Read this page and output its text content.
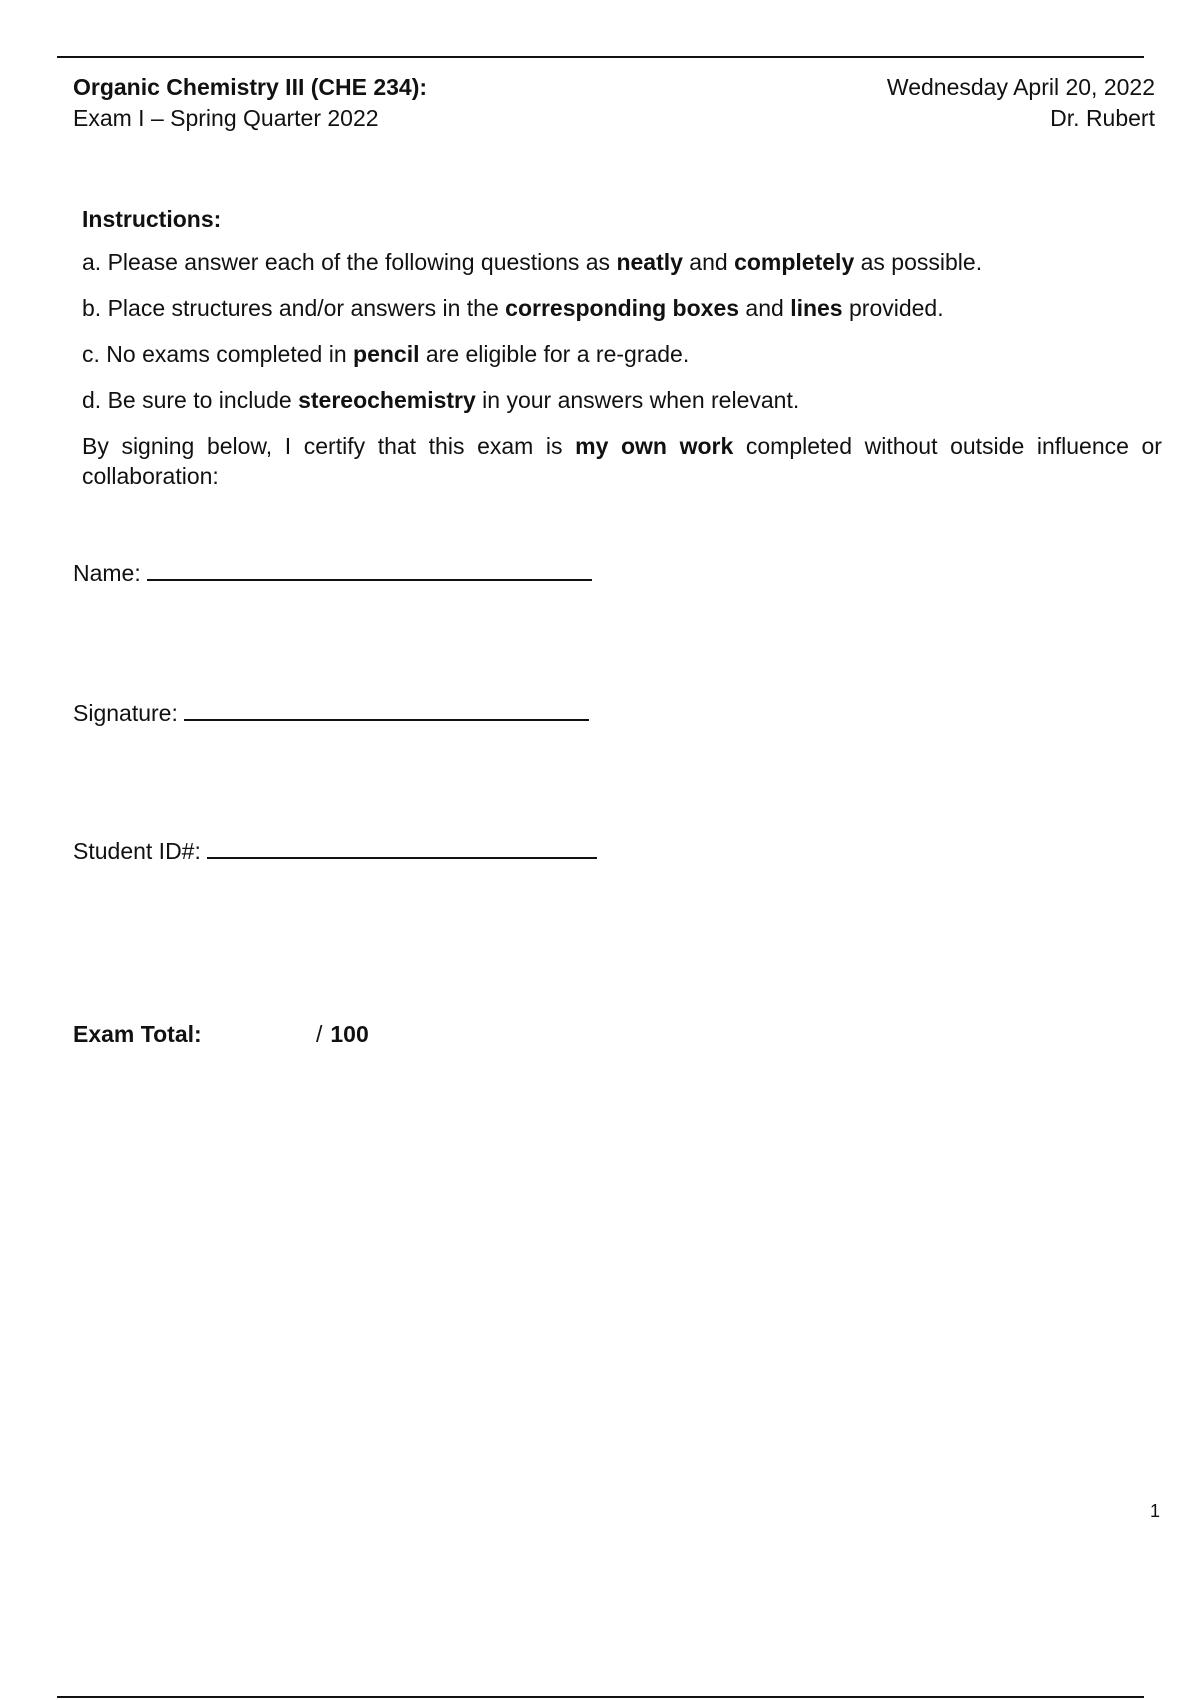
Organic Chemistry III (CHE 234):
Exam I – Spring Quarter 2022
Wednesday April 20, 2022
Dr. Rubert
Instructions:
a. Please answer each of the following questions as neatly and completely as possible.
b. Place structures and/or answers in the corresponding boxes and lines provided.
c. No exams completed in pencil are eligible for a re-grade.
d. Be sure to include stereochemistry in your answers when relevant.
By signing below, I certify that this exam is my own work completed without outside influence or collaboration:
Name:
Signature:
Student ID#:
Exam Total:	/ 100
1
